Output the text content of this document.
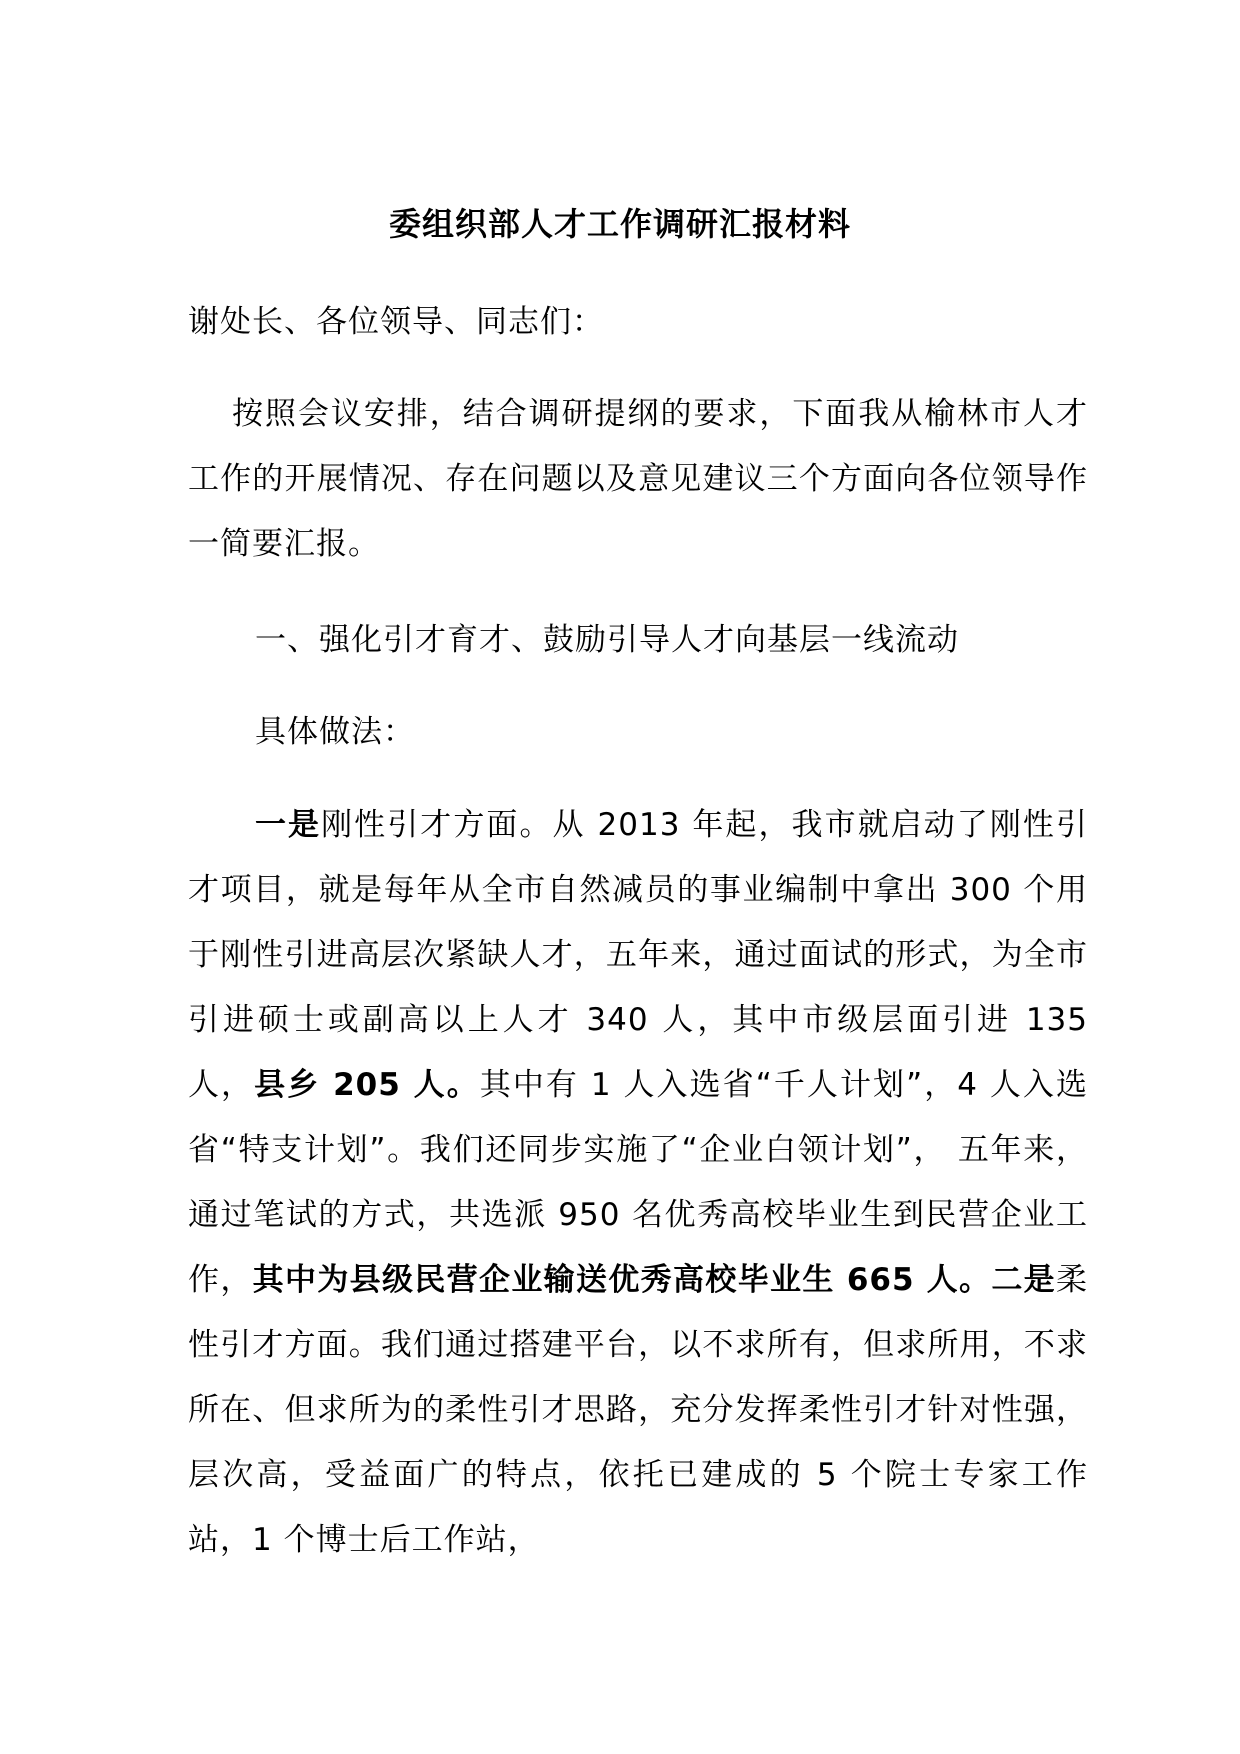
委组织部人才工作调研汇报材料
谢处长、各位领导、同志们：
按照会议安排，结合调研提纲的要求，下面我从榆林市人才工作的开展情况、存在问题以及意见建议三个方面向各位领导作一简要汇报。
一、强化引才育才、鼓励引导人才向基层一线流动
具体做法：
一是刚性引才方面。从 2013 年起，我市就启动了刚性引才项目，就是每年从全市自然减员的事业编制中拿出 300 个用于刚性引进高层次紧缺人才，五年来，通过面试的形式，为全市引进硕士或副高以上人才 340 人，其中市级层面引进 135 人，县乡 205 人。其中有 1 人入选省“千人计划”，4 人入选省“特支计划”。我们还同步实施了“企业白领计划”， 五年来，通过笔试的方式，共选派 950 名优秀高校毕业生到民营企业工作，其中为县级民营企业输送优秀高校毕业生 665 人。二是柔性引才方面。我们通过搭建平台，以不求所有，但求所用，不求所在、但求所为的柔性引才思路，充分发挥柔性引才针对性强，层次高，受益面广的特点，依托已建成的 5 个院士专家工作站，1 个博士后工作站，
